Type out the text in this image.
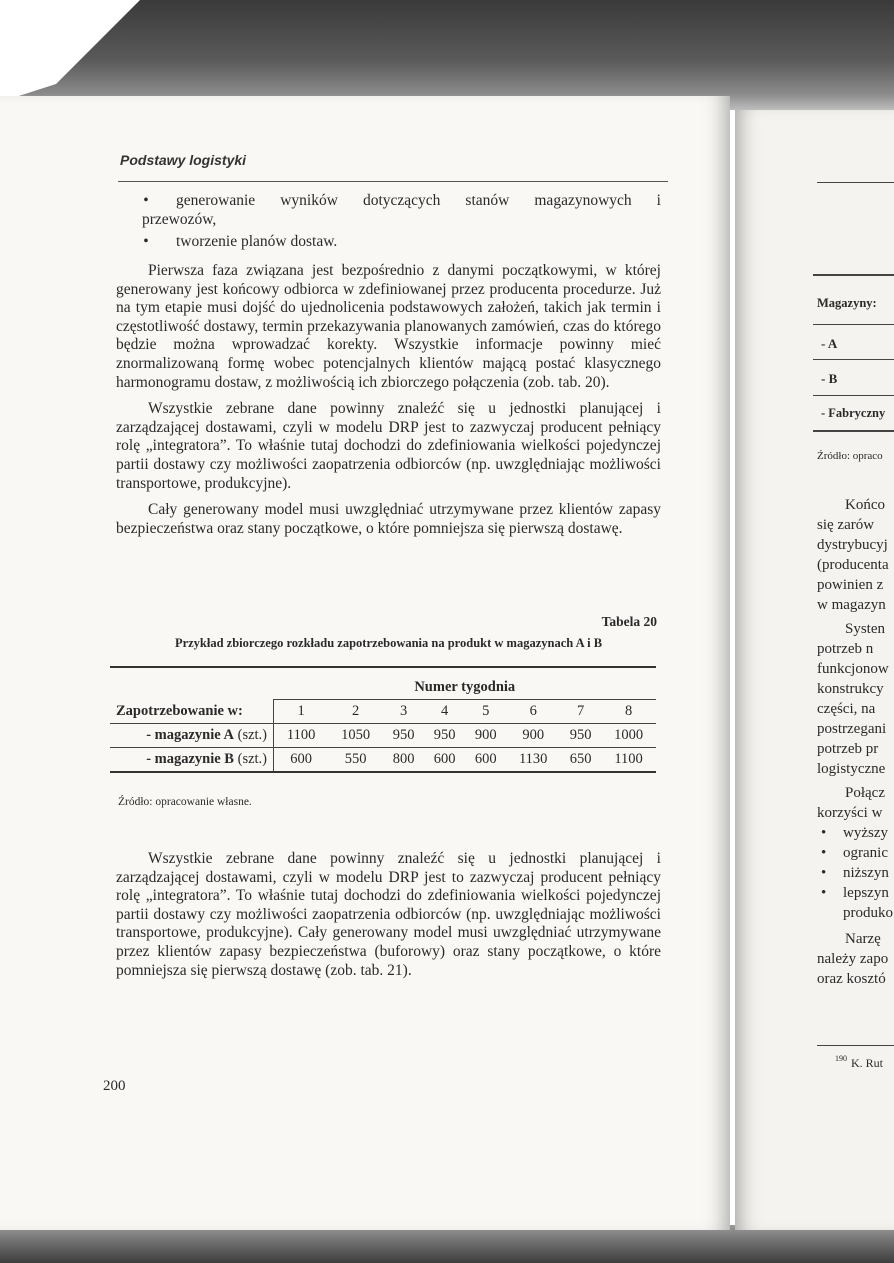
Podstawy logistyki
•	generowanie wyników dotyczących stanów magazynowych i
przewozów,
•	tworzenie planów dostaw.

Pierwsza faza związana jest bezpośrednio z danymi początkowymi, w której generowany jest końcowy odbiorca w zdefiniowanej przez producenta procedurze. Już na tym etapie musi dojść do ujednolicenia podstawowych założeń, takich jak termin i częstotliwość dostawy, termin przekazywania planowanych zamówień, czas do którego będzie można wprowadzać korekty. Wszystkie informacje powinny mieć znormalizowaną formę wobec potencjalnych klientów mającą postać klasycznego harmonogramu dostaw, z możliwością ich zbiorczego połączenia (zob. tab. 20).

Wszystkie zebrane dane powinny znaleźć się u jednostki planującej i zarządzającej dostawami, czyli w modelu DRP jest to zazwyczaj producent pełniący rolę „integratora”. To właśnie tutaj dochodzi do zdefiniowania wielkości pojedynczej partii dostawy czy możliwości zaopatrzenia odbiorców (np. uwzględniając możliwości transportowe, produkcyjne).

Cały generowany model musi uwzględniać utrzymywane przez klientów zapasy bezpieczeństwa oraz stany początkowe, o które pomniejsza się pierwszą dostawę.

Tabela 20
Przykład zbiorczego rozkładu zapotrzebowania na produkt w magazynach A i B
	Numer tygodnia							
Zapotrzebowanie w:	1	2	3	4	5	6	7	8
- magazynie A (szt.)	1100	1050	950	950	900	900	950	1000
- magazynie B (szt.)	600	550	800	600	600	1130	650	1100
Źródło: opracowanie własne.

Wszystkie zebrane dane powinny znaleźć się u jednostki planującej i zarządzającej dostawami, czyli w modelu DRP jest to zazwyczaj producent pełniący rolę „integratora”. To właśnie tutaj dochodzi do zdefiniowania wielkości pojedynczej partii dostawy czy możliwości zaopatrzenia odbiorców (np. uwzględniając możliwości transportowe, produkcyjne). Cały generowany model musi uwzględniać utrzymywane przez klientów zapasy bezpieczeństwa (buforowy) oraz stany początkowe, o które pomniejsza się pierwszą dostawę (zob. tab. 21).

200
Magazyny:
- A
- B
- Fabryczny
Źródło: opraco
Końco
się zarów
dystrybucyj
(producenta
powinien z
w magazyn
Systen
potrzeb n
funkcjonow
konstrukcy
części, na
postrzegani
potrzeb pr
logistyczne
Połącz
korzyści w
• wyższy
• ogranic
• niższyn
• lepszyn
produko
Narzę
należy zapo
oraz kosztó
190 K. Rut
